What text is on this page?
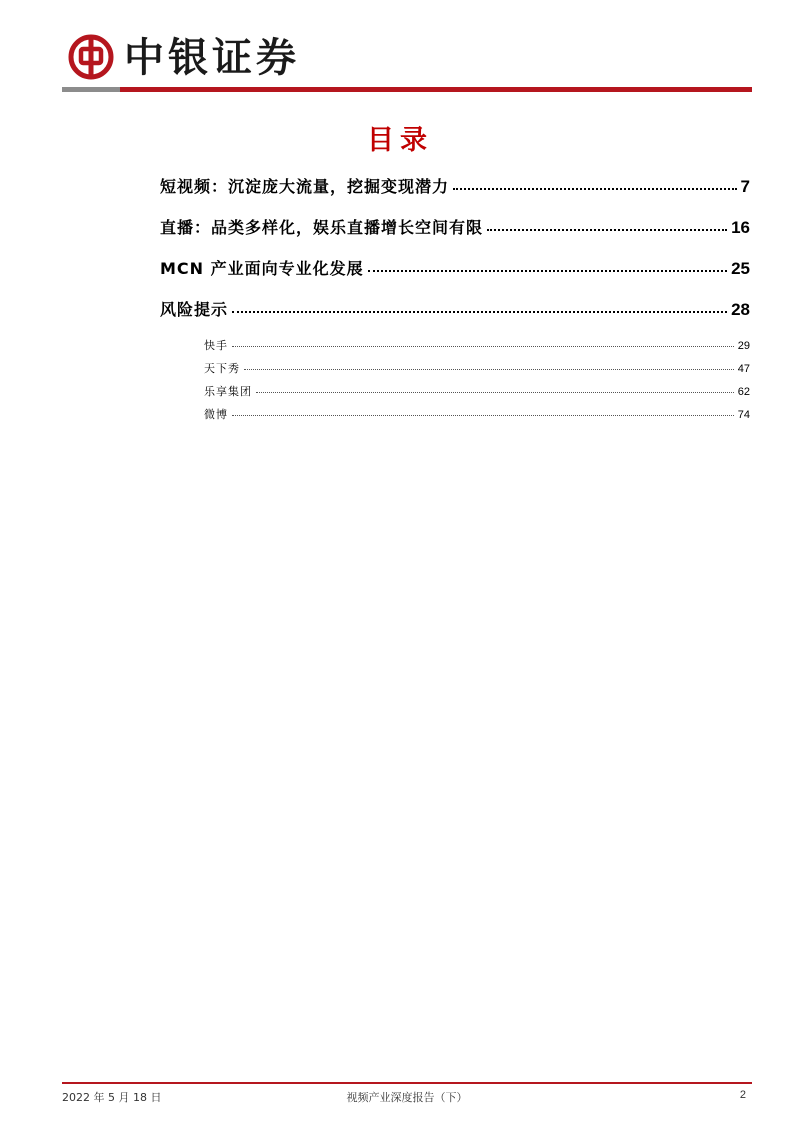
中银证券
目录
短视频：沉淀庞大流量，挖掘变现潜力	7
直播：品类多样化，娱乐直播增长空间有限	16
MCN 产业面向专业化发展	25
风险提示	28
快手	29
天下秀	47
乐享集团	62
微博	74
2022 年 5 月 18 日	视频产业深度报告（下）	2
